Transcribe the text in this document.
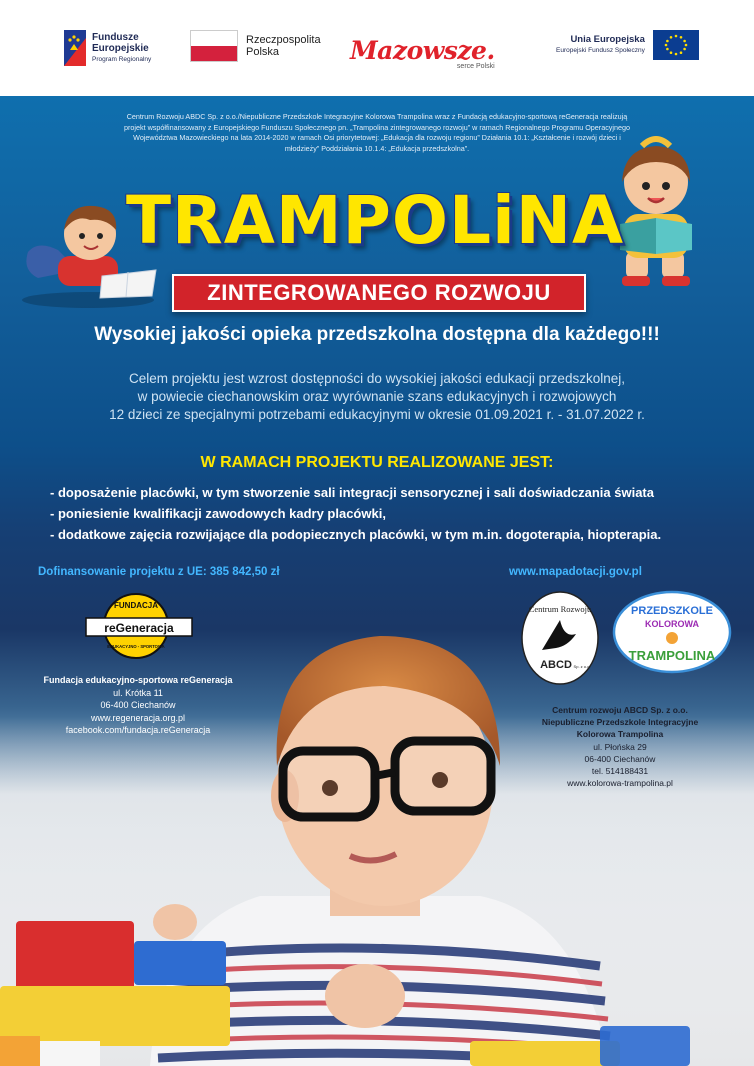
Fundusze
Europejskie
Program Regionalny
Rzeczpospolita
Polska	Mazowsze.
serce Polski
Unia Europejska
Europejski Fundusz Społeczny
Centrum Rozwoju ABDC Sp. z o.o./Niepubliczne Przedszkole Integracyjne Kolorowa Trampolina wraz z Fundacją edukacyjno-sportową reGeneracja realizują projekt współfinansowany z Europejskiego Funduszu Społecznego pn. „Trampolina zintegrowanego rozwoju” w ramach Regionalnego Programu Operacyjnego Województwa Mazowieckiego na lata 2014-2020 w ramach Osi priorytetowej: „Edukacja dla rozwoju regionu” Działania 10.1: „Kształcenie i rozwój dzieci i młodzieży” Poddziałania 10.1.4: „Edukacja przedszkolna”.
TRAMPOLiNA
ZINTEGROWANEGO ROZWOJU
Wysokiej jakości opieka przedszkolna dostępna dla każdego!!!
Celem projektu jest wzrost dostępności do wysokiej jakości edukacji przedszkolnej,
w powiecie ciechanowskim oraz wyrównanie szans edukacyjnych i rozwojowych
12 dzieci ze specjalnymi potrzebami edukacyjnymi w okresie 01.09.2021 r. - 31.07.2022 r.
W RAMACH PROJEKTU REALIZOWANE JEST:
- doposażenie placówki, w tym stworzenie sali integracji sensorycznej i sali doświadczania świata
- poniesienie kwalifikacji zawodowych kadry placówki,
- dodatkowe zajęcia rozwijające dla podopiecznych placówki, w tym m.in. dogoterapia, hiopterapia.
Dofinansowanie projektu z UE: 385 842,50 zł	www.mapadotacji.gov.pl
FUNDACJA
reGeneracja
EDUKACYJNO - SPORTOWA
Fundacja edukacyjno-sportowa reGeneracja
ul. Krótka 11
06-400 Ciechanów
www.regeneracja.org.pl
facebook.com/fundacja.reGeneracja
Centrum Rozwoju
ABCD Sp. z o.o.
PRZEDSZKOLE
KOLOROWA
TRAMPOLINA
Centrum rozwoju ABCD Sp. z o.o.
Niepubliczne Przedszkole Integracyjne
Kolorowa Trampolina
ul. Płońska 29
06-400 Ciechanów
tel. 514188431
www.kolorowa-trampolina.pl
